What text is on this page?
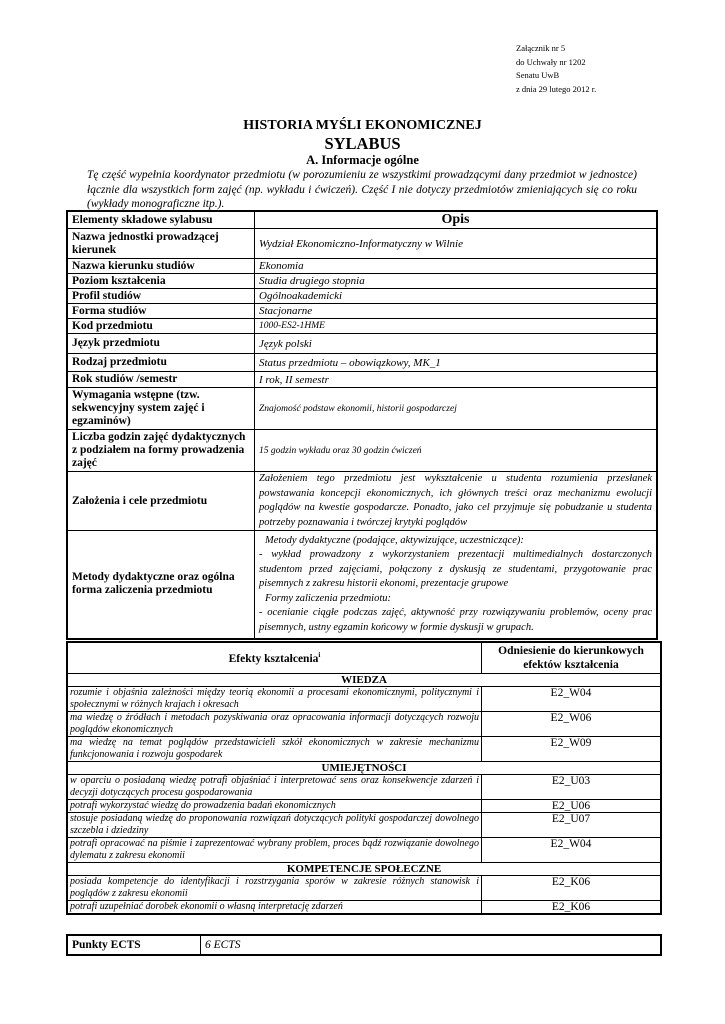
Załącznik nr 5
do Uchwały nr 1202
Senatu UwB
z dnia 29 lutego 2012 r.
HISTORIA MYŚLI EKONOMICZNEJ
SYLABUS
A. Informacje ogólne
Tę część wypełnia koordynator przedmiotu (w porozumieniu ze wszystkimi prowadzącymi dany przedmiot w jednostce) łącznie dla wszystkich form zajęć (np. wykładu i ćwiczeń). Część I nie dotyczy przedmiotów zmieniających się co roku (wykłady monograficzne itp.).
Elementy składowe sylabusu	Opis
Nazwa jednostki prowadzącej kierunek	Wydział Ekonomiczno-Informatyczny w Wilnie
Nazwa kierunku studiów	Ekonomia
Poziom kształcenia	Studia drugiego stopnia
Profil studiów	Ogólnoakademicki
Forma studiów	Stacjonarne
Kod przedmiotu	1000-ES2-1HME
Język przedmiotu	Język polski
Rodzaj przedmiotu	Status przedmiotu – obowiązkowy, MK_1
Rok studiów /semestr	I rok, II semestr
Wymagania wstępne (tzw. sekwencyjny system zajęć i egzaminów)	Znajomość podstaw ekonomii, historii gospodarczej
Liczba godzin zajęć dydaktycznych z podziałem na formy prowadzenia zajęć	15 godzin wykładu oraz 30 godzin ćwiczeń
Założenia i cele przedmiotu	Założeniem tego przedmiotu jest wykształcenie u studenta rozumienia przesłanek powstawania koncepcji ekonomicznych, ich głównych treści oraz mechanizmu ewolucji poglądów na kwestie gospodarcze. Ponadto, jako cel przyjmuje się pobudzanie u studenta potrzeby poznawania i twórczej krytyki poglądów
Metody dydaktyczne oraz ogólna forma zaliczenia przedmiotu	Metody dydaktyczne (podające, aktywizujące, uczestniczące):
- wykład prowadzony z wykorzystaniem prezentacji multimedialnych dostarczonych studentom przed zajęciami, połączony z dyskusją ze studentami, przygotowanie prac pisemnych z zakresu historii ekonomi, prezentacje grupowe
Formy zaliczenia przedmiotu:
- ocenianie ciągłe podczas zajęć, aktywność przy rozwiązywaniu problemów, oceny prac pisemnych, ustny egzamin końcowy w formie dyskusji w grupach.
Efekty kształcenia$^i$	Odniesienie do kierunkowych efektów kształcenia
WIEDZA	
rozumie i objaśnia zależności między teorią ekonomii a procesami ekonomicznymi, politycznymi i społecznymi w różnych krajach i okresach	E2_W04
ma wiedzę o źródłach i metodach pozyskiwania oraz opracowania informacji dotyczących rozwoju poglądów ekonomicznych	E2_W06
ma wiedzę na temat poglądów przedstawicieli szkół ekonomicznych w zakresie mechanizmu funkcjonowania i rozwoju gospodarek	E2_W09
UMIEJĘTNOŚCI	
w oparciu o posiadaną wiedzę potrafi objaśniać i interpretować sens oraz konsekwencje zdarzeń i decyzji dotyczących procesu gospodarowania	E2_U03
potrafi wykorzystać wiedzę do prowadzenia badań ekonomicznych	E2_U06
stosuje posiadaną wiedzę do proponowania rozwiązań dotyczących polityki gospodarczej dowolnego szczebla i dziedziny	E2_U07
potrafi opracować na piśmie i zaprezentować wybrany problem, proces bądź rozwiązanie dowolnego dylematu z zakresu ekonomii	E2_W04
KOMPETENCJE SPOŁECZNE	
posiada kompetencje do identyfikacji i rozstrzygania sporów w zakresie różnych stanowisk i poglądów z zakresu ekonomii	E2_K06
potrafi uzupełniać dorobek ekonomii o własną interpretację zdarzeń	E2_K06
Punkty ECTS	6 ECTS
